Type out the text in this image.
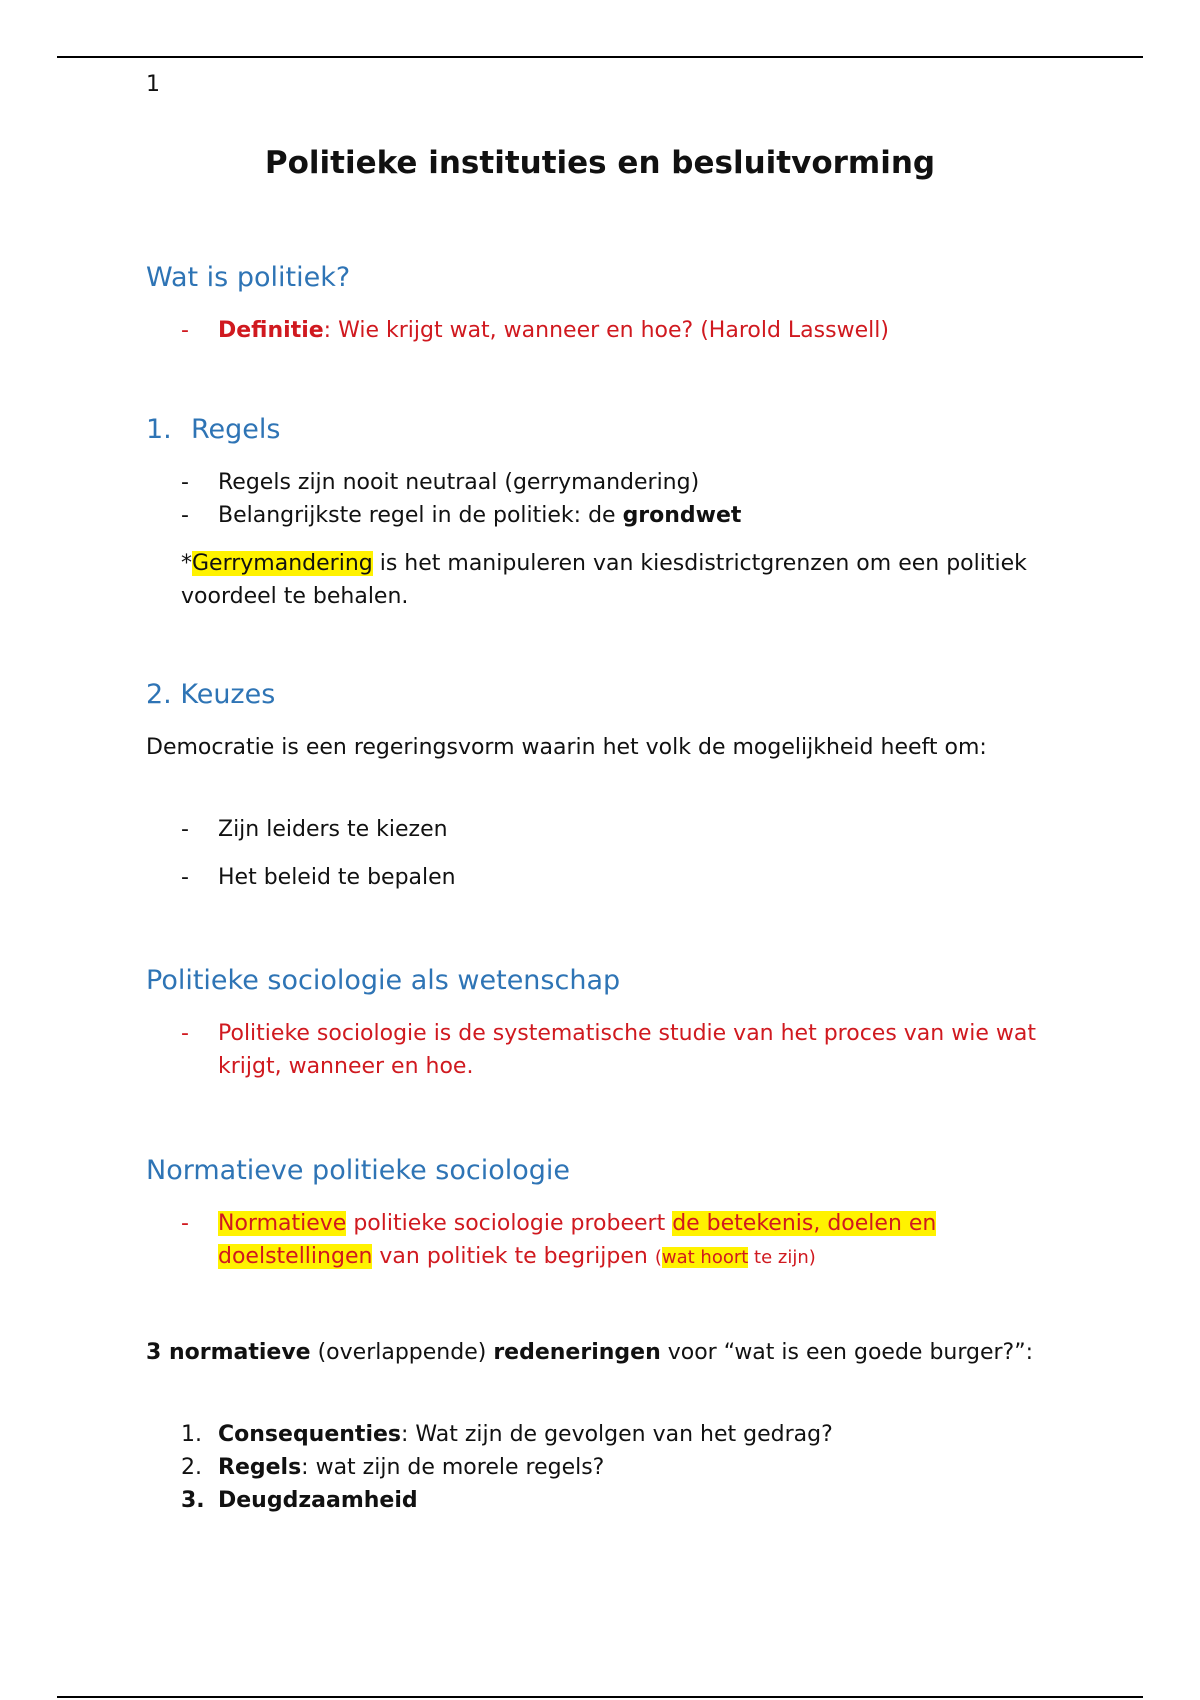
1
Politieke instituties en besluitvorming
Wat is politiek?
- Definitie: Wie krijgt wat, wanneer en hoe? (Harold Lasswell)
1. Regels
- Regels zijn nooit neutraal (gerrymandering)
- Belangrijkste regel in de politiek: de grondwet
*Gerrymandering is het manipuleren van kiesdistrictgrenzen om een politiek voordeel te behalen.
2. Keuzes
Democratie is een regeringsvorm waarin het volk de mogelijkheid heeft om:
- Zijn leiders te kiezen
- Het beleid te bepalen
Politieke sociologie als wetenschap
- Politieke sociologie is de systematische studie van het proces van wie wat krijgt, wanneer en hoe.
Normatieve politieke sociologie
- Normatieve politieke sociologie probeert de betekenis, doelen en doelstellingen van politiek te begrijpen (wat hoort te zijn)
3 normatieve (overlappende) redeneringen voor “wat is een goede burger?”:
1. Consequenties: Wat zijn de gevolgen van het gedrag?
2. Regels: wat zijn de morele regels?
3. Deugdzaamheid
